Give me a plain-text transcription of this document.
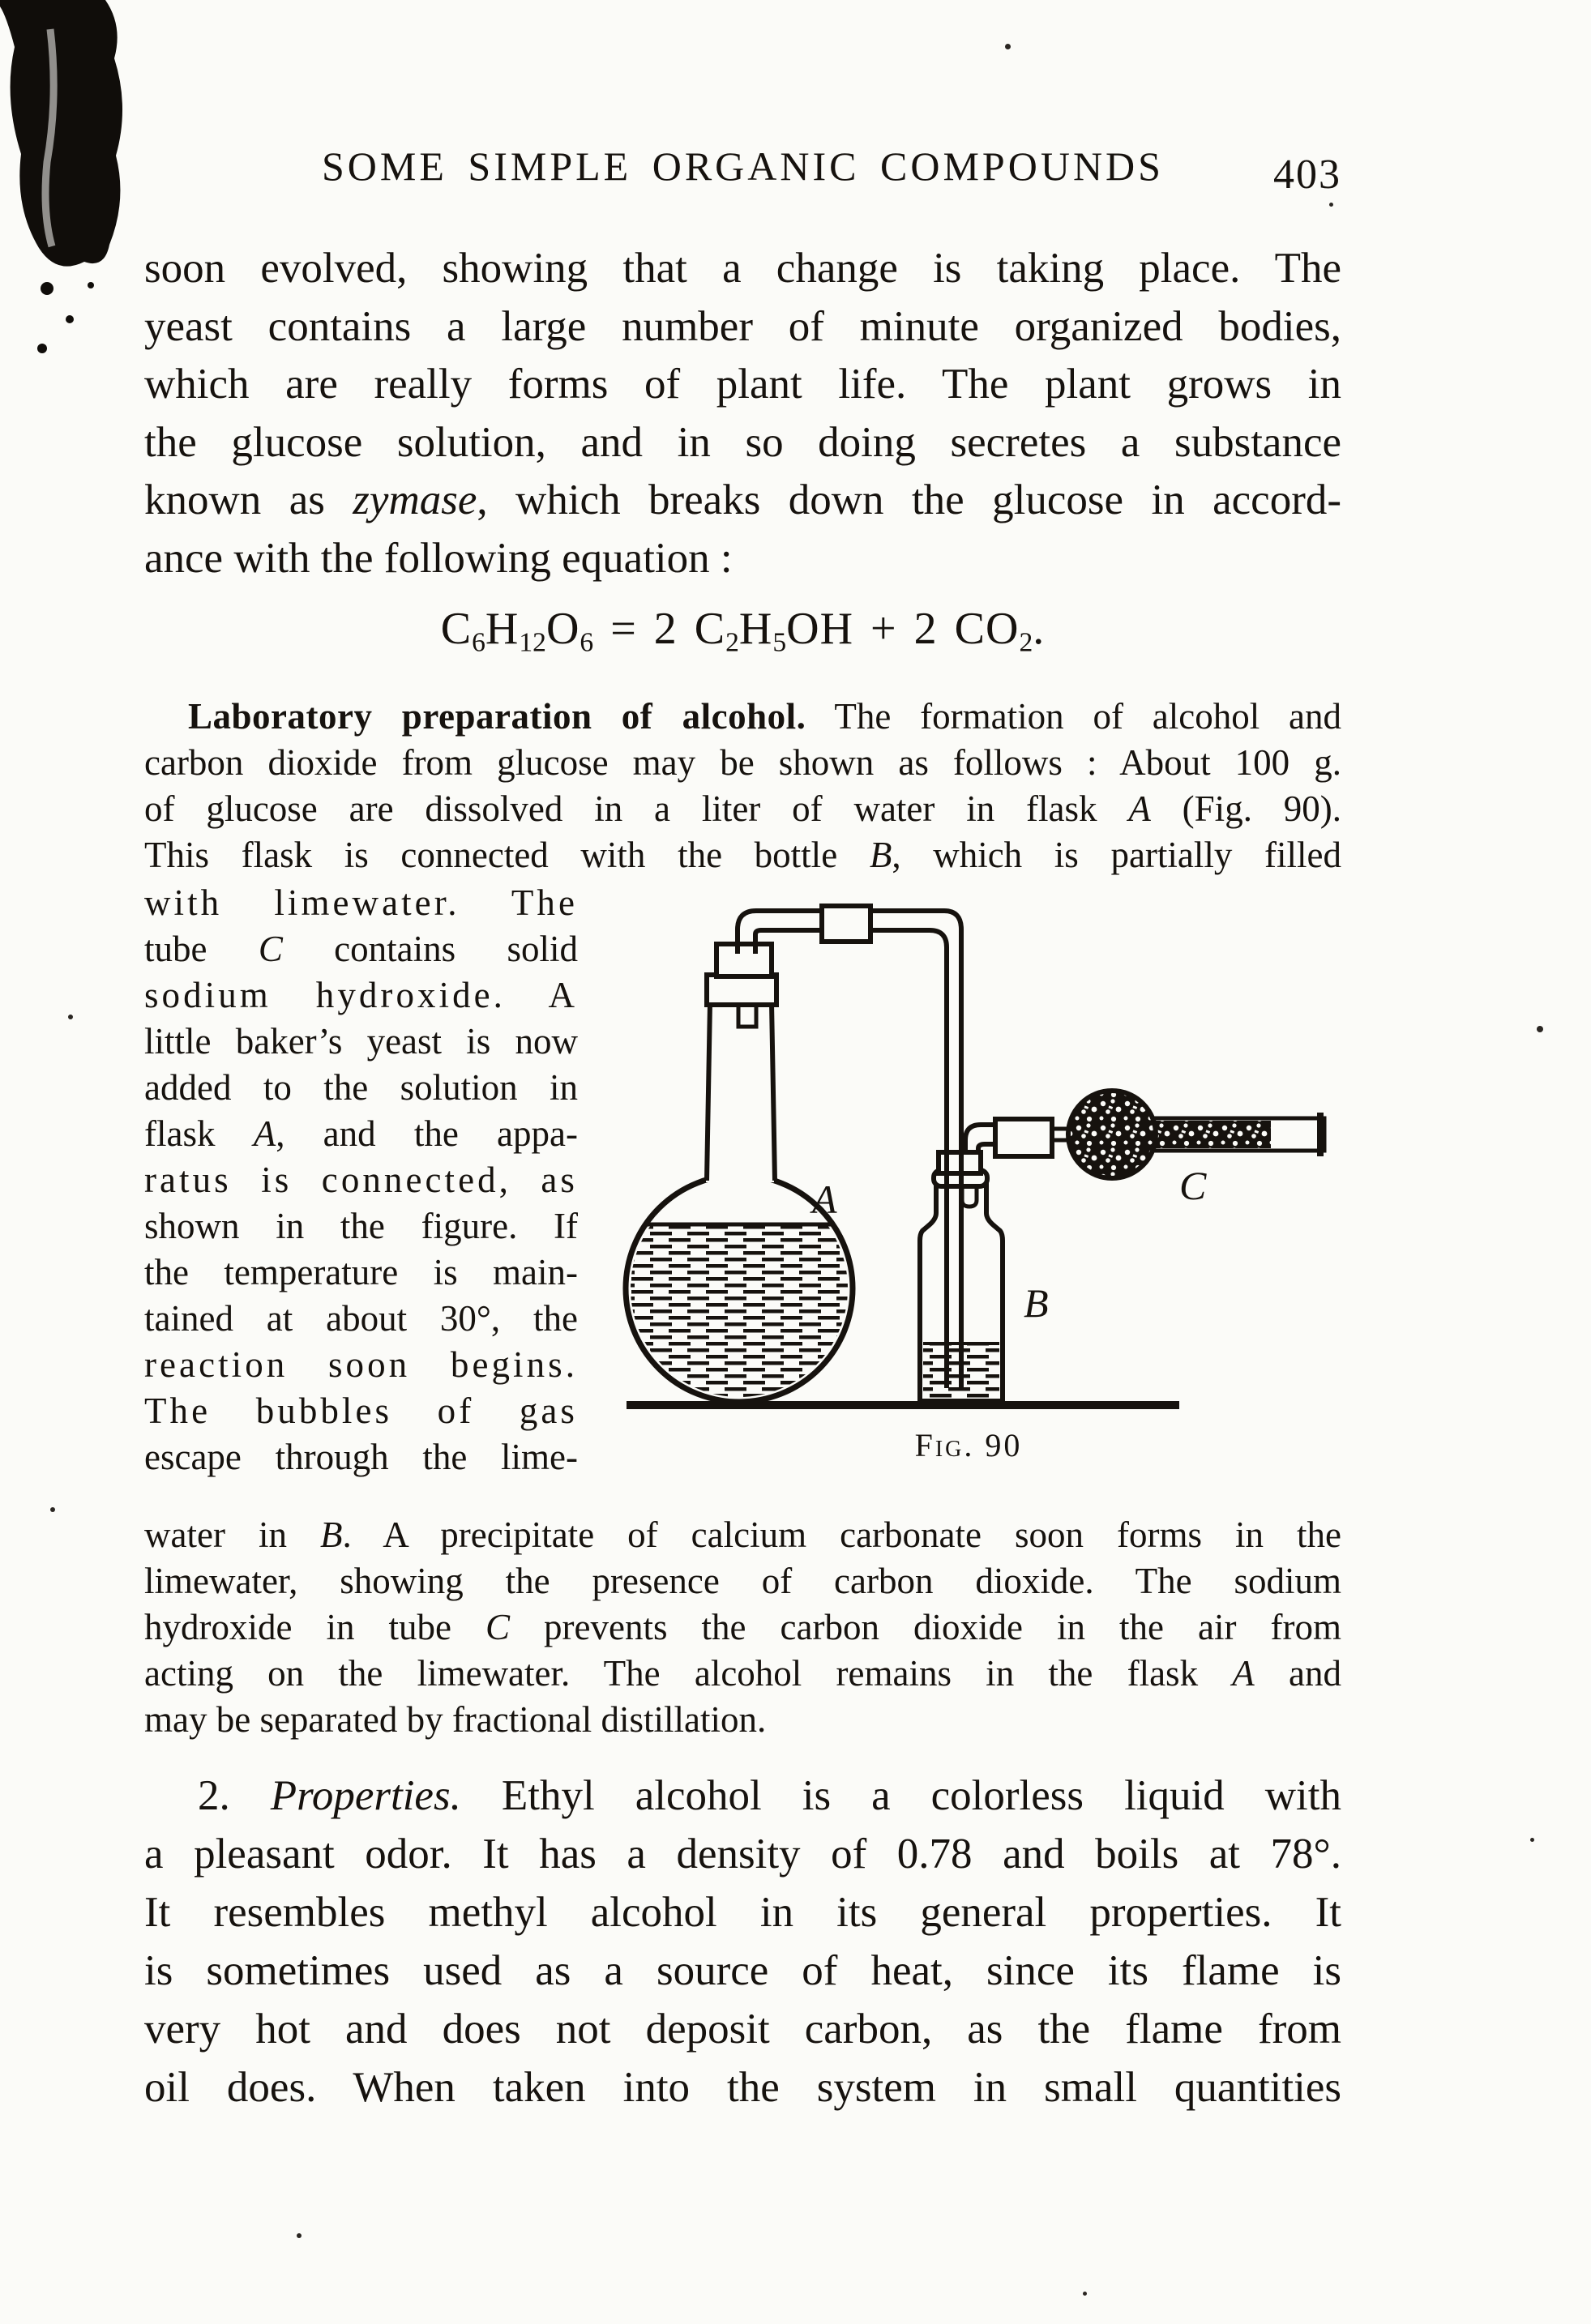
SOME SIMPLE ORGANIC COMPOUNDS	403
soon evolved, showing that a change is taking place. The
yeast contains a large number of minute organized bodies,
which are really forms of plant life. The plant grows in
the glucose solution, and in so doing secretes a substance
known as zymase, which breaks down the glucose in accord-
ance with the following equation :
$C_6H_{12}O_6 = 2$ $C_2H_5OH + 2$ $CO_2$.
Laboratory preparation of alcohol. The formation of alcohol and
carbon dioxide from glucose may be shown as follows : About 100 g.
of glucose are dissolved in a liter of water in flask A (Fig. 90).
This flask is connected with the bottle B, which is partially filled
with limewater. The
tube C contains solid
sodium hydroxide. A
little baker’s yeast is now
added to the solution in
flask A, and the appa-
ratus is connected, as
shown in the figure. If
the temperature is main-
tained at about 30°, the
reaction soon begins.
The bubbles of gas
escape through the lime-
A
B
C
Fig. 90
water in B. A precipitate of calcium carbonate soon forms in the
limewater, showing the presence of carbon dioxide. The sodium
hydroxide in tube C prevents the carbon dioxide in the air from
acting on the limewater. The alcohol remains in the flask A and
may be separated by fractional distillation.
2. Properties. Ethyl alcohol is a colorless liquid with
a pleasant odor. It has a density of 0.78 and boils at 78°.
It resembles methyl alcohol in its general properties. It
is sometimes used as a source of heat, since its flame is
very hot and does not deposit carbon, as the flame from
oil does. When taken into the system in small quantities
